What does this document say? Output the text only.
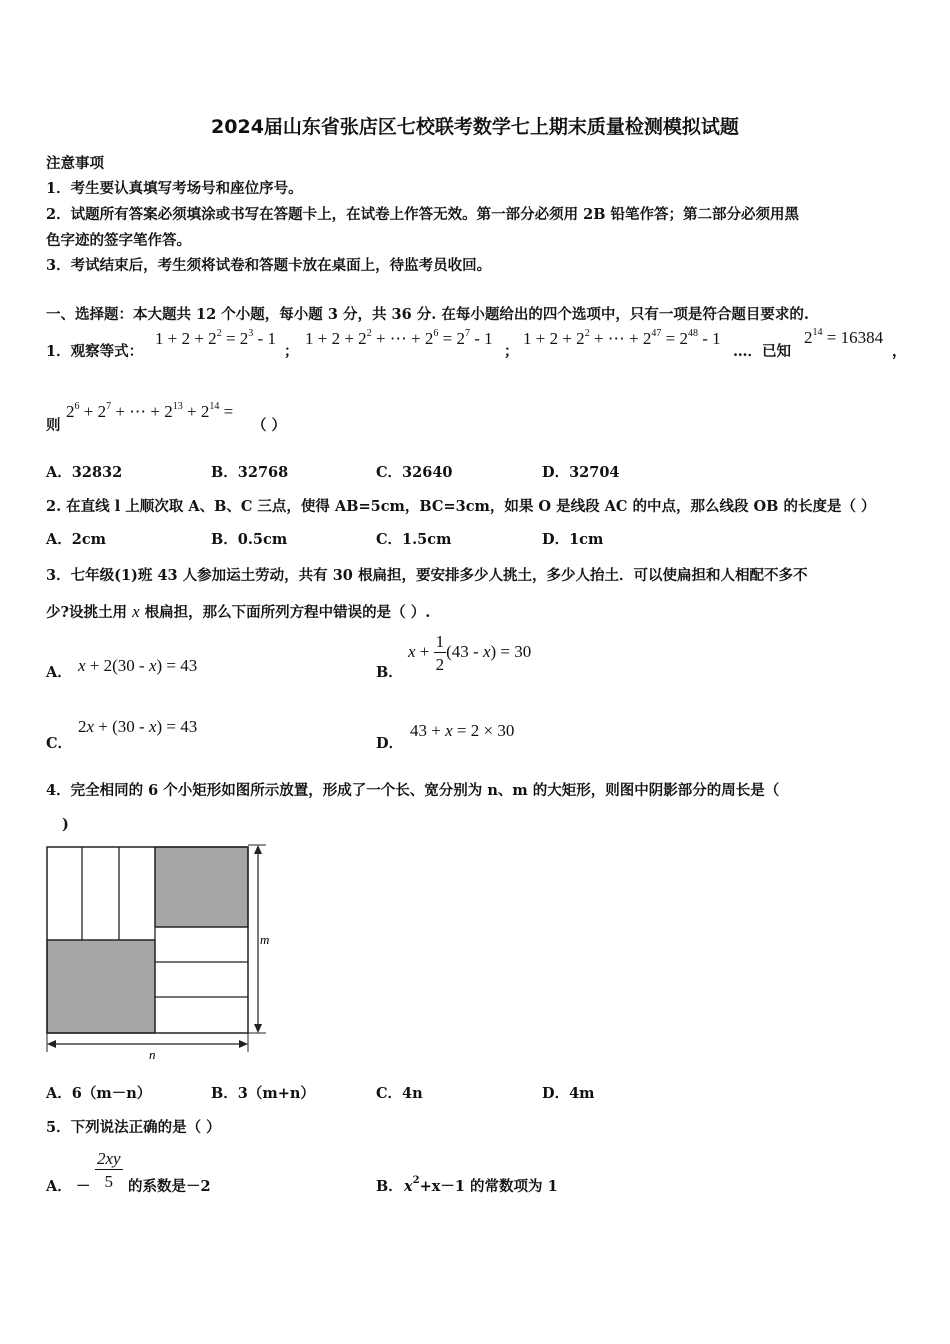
2024届山东省张店区七校联考数学七上期末质量检测模拟试题
注意事项
1．考生要认真填写考场号和座位序号。
2．试题所有答案必须填涂或书写在答题卡上，在试卷上作答无效。第一部分必须用 2B 铅笔作答；第二部分必须用黑
色字迹的签字笔作答。
3．考试结束后，考生须将试卷和答题卡放在桌面上，待监考员收回。
一、选择题：本大题共 12 个小题，每小题 3 分，共 36 分. 在每小题给出的四个选项中，只有一项是符合题目要求的.
1．观察等式：
$1 + 2 + 2^2 = 2^3 - 1$
；
$1 + 2 + 2^2$ + ⋯ + $2^6 = 2^7 - 1$
；
$1 + 2 + 2^2$ + ⋯ + $2^{47} = 2^{48} - 1$
…．已知
$2^{14} = 16384$
，
则
$2^6 + 2^7$ + ⋯ + $2^{13} + 2^{14}$ =
（ ）
A．32832	B．32768	C．32640	D．32704
2. 在直线 l 上顺次取 A、B、C 三点，使得 AB=5cm，BC=3cm，如果 O 是线段 AC 的中点，那么线段 OB 的长度是（ ）
A．2cm	B．0.5cm	C．1.5cm	D．1cm
3．七年级(1)班 43 人参加运土劳动，共有 30 根扁担，要安排多少人挑土，多少人抬土．可以使扁担和人相配不多不
少?设挑土用 x 根扁担，那么下面所列方程中错误的是（ ）.
A． x + 2(30 - x) = 43	B．
$x + \frac{1}{2} (43 - x) = 30$
C．
2x + (30 - x) = 43
D．
43 + x = 2 × 30
4．完全相同的 6 个小矩形如图所示放置，形成了一个长、宽分别为 n、m 的大矩形，则图中阴影部分的周长是（
)
m
n
A．6（m－n）	B．3（m+n）	C．4n	D．4m
5．下列说法正确的是（ ）
A． － $\frac{2xy}{5}$ 的系数是－2	B． $x^2+x-1$ 的常数项为 1
